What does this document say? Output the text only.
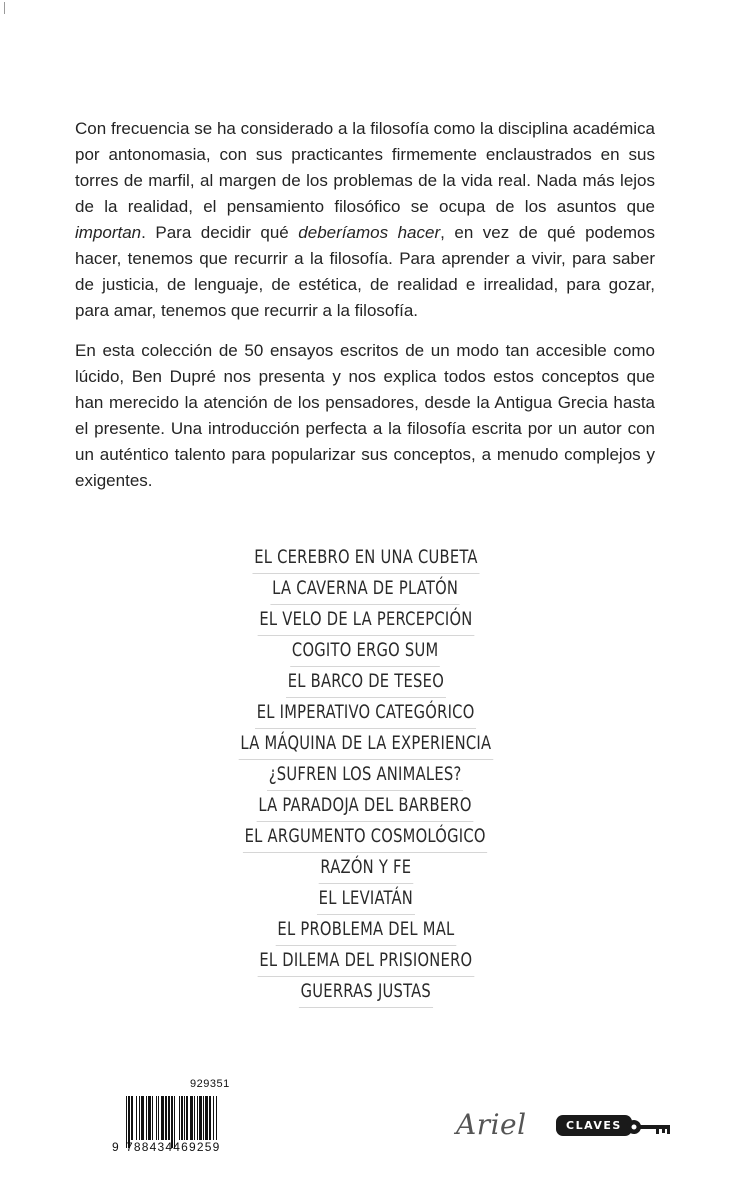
Con frecuencia se ha considerado a la filosofía como la disciplina académica por antonomasia, con sus practicantes firmemente enclaustrados en sus torres de marfil, al margen de los problemas de la vida real. Nada más lejos de la realidad, el pensamiento filosófico se ocupa de los asuntos que importan. Para decidir qué deberíamos hacer, en vez de qué podemos hacer, tenemos que recurrir a la filosofía. Para aprender a vivir, para saber de justicia, de lenguaje, de estética, de realidad e irrealidad, para gozar, para amar, tenemos que recurrir a la filosofía.

En esta colección de 50 ensayos escritos de un modo tan accesible como lúcido, Ben Dupré nos presenta y nos explica todos estos conceptos que han merecido la atención de los pensadores, desde la Antigua Grecia hasta el presente. Una introducción perfecta a la filosofía escrita por un autor con un auténtico talento para popularizar sus conceptos, a menudo complejos y exigentes.

EL CEREBRO EN UNA CUBETA
LA CAVERNA DE PLATÓN
EL VELO DE LA PERCEPCIÓN
COGITO ERGO SUM
EL BARCO DE TESEO
EL IMPERATIVO CATEGÓRICO
LA MÁQUINA DE LA EXPERIENCIA
¿SUFREN LOS ANIMALES?
LA PARADOJA DEL BARBERO
EL ARGUMENTO COSMOLÓGICO
RAZÓN Y FE
EL LEVIATÁN
EL PROBLEMA DEL MAL
EL DILEMA DEL PRISIONERO
GUERRAS JUSTAS
929351
9 788434469259
Ariel	CLAVES
